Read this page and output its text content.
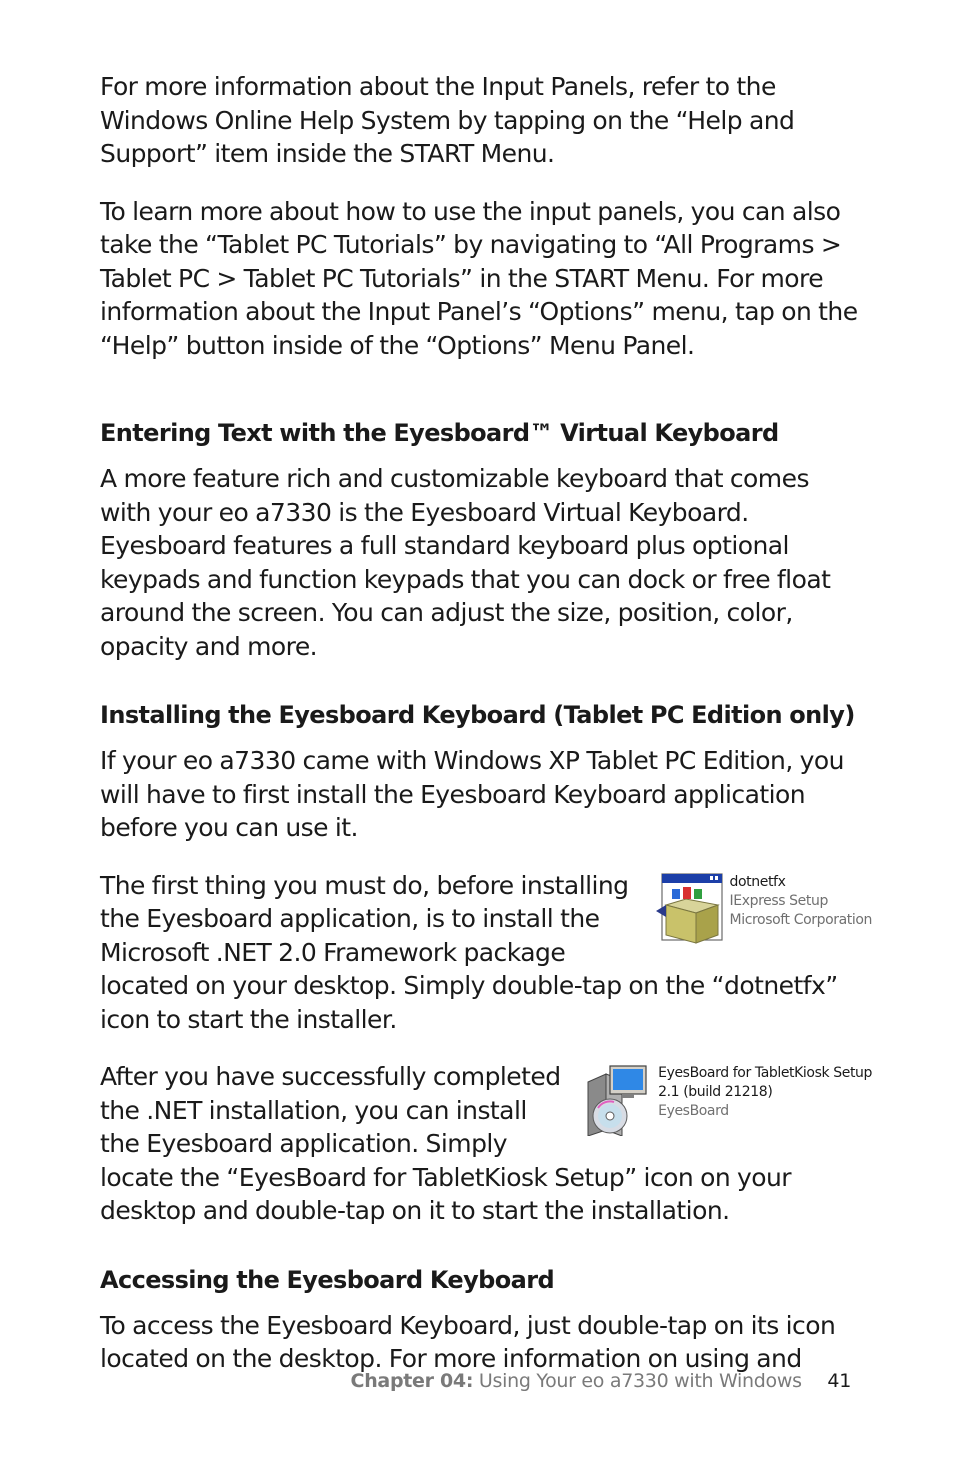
For more information about the Input Panels, refer to the Windows Online Help System by tapping on the “Help and Support” item inside the START Menu.

To learn more about how to use the input panels, you can also take the “Tablet PC Tutorials” by navigating to “All Programs > Tablet PC > Tablet PC Tutorials” in the START Menu. For more information about the Input Panel’s “Options” menu, tap on the “Help” button inside of the “Options” Menu Panel.

Entering Text with the Eyesboard™ Virtual Keyboard

A more feature rich and customizable keyboard that comes with your eo a7330 is the Eyesboard Virtual Keyboard. Eyesboard features a full standard keyboard plus optional keypads and function keypads that you can dock or free float around the screen. You can adjust the size, position, color, opacity and more.

Installing the Eyesboard Keyboard (Tablet PC Edition only)

If your eo a7330 came with Windows XP Tablet PC Edition, you will have to first install the Eyesboard Keyboard application before you can use it.

dotnetfx
IExpress Setup
Microsoft Corporation

The first thing you must do, before installing the Eyesboard application, is to install the Microsoft .NET 2.0 Framework package located on your desktop. Simply double-tap on the “dotnetfx” icon to start the installer.

EyesBoard for TabletKiosk Setup
2.1 (build 21218)
EyesBoard

After you have successfully completed the .NET installation, you can install the Eyesboard application. Simply locate the “EyesBoard for TabletKiosk Setup” icon on your desktop and double-tap on it to start the installation.

Accessing the Eyesboard Keyboard

To access the Eyesboard Keyboard, just double-tap on its icon located on the desktop. For more information on using and

Chapter 04: Using Your eo a7330 with Windows 41
